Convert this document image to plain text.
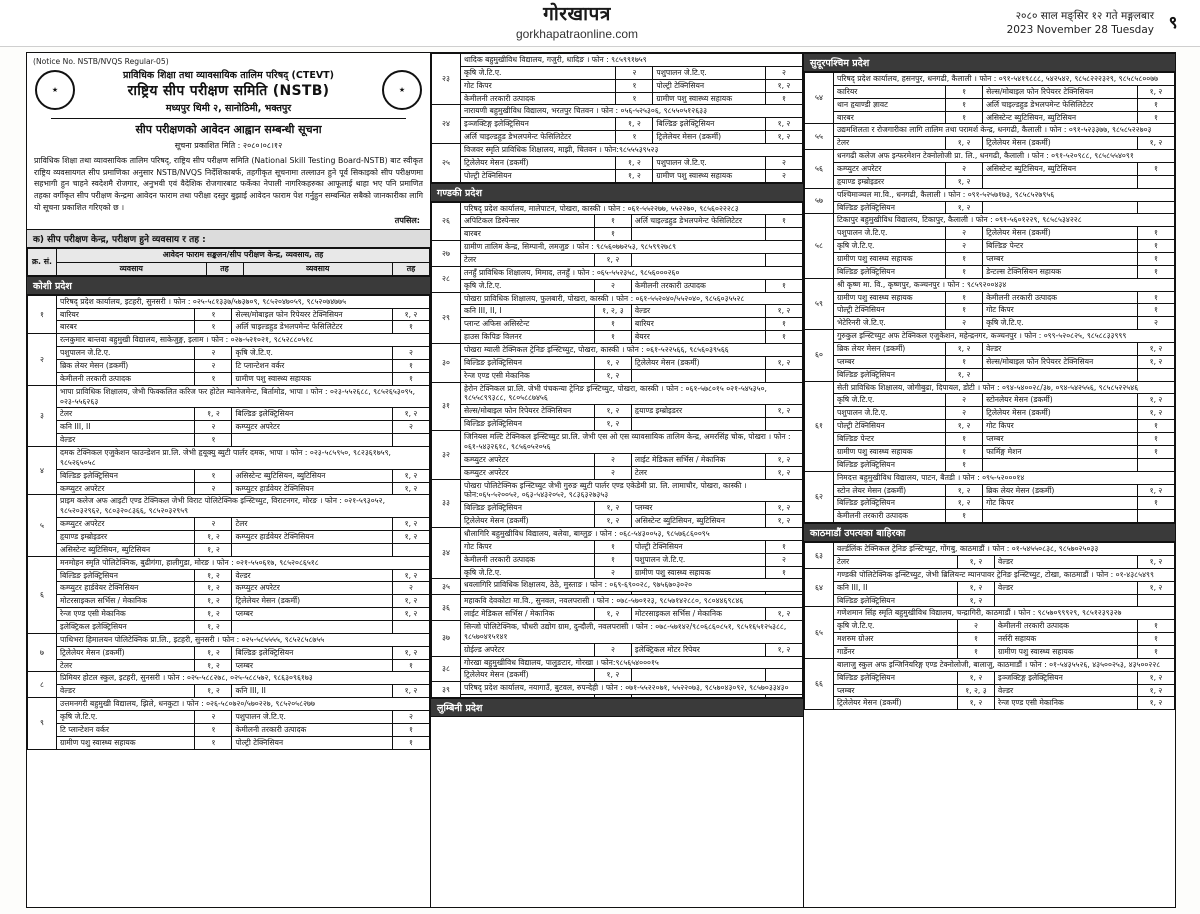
गोरखापत्र
gorkhapatraonline.com
२०८० साल मङ्सिर १२ गते मङ्गलबार
2023 November 28 Tuesday ९
(Notice No. NSTB/NVQS Regular-05)
★	★
प्राविधिक शिक्षा तथा व्यावसायिक तालिम परिषद् (CTEVT)
राष्ट्रिय सीप परीक्षण समिति (NSTB)
मध्यपुर थिमी २, सानोठिमी, भक्तपुर
सीप परीक्षणको आवेदन आह्वान सम्बन्धी सूचना
सूचना प्रकाशित मिति : २०८०।०८।१२
प्राविधिक शिक्षा तथा व्यावसायिक तालिम परिषद्, राष्ट्रिय सीप परीक्षण समिति (National Skill Testing Board-NSTB) बाट स्वीकृत राष्ट्रिय व्यवसायगत सीप प्रमाणिका अनुसार NSTB/NVQS निर्देशिकाबर्फ, तहगीकृत सूचनामा तल्लाउन हुने पूर्व सिकाइको सीप परीक्षणमा सहभागी हुन चाहने स्वदेशमै रोजगार, अनुभवी एवं वैदेशिक रोजगारबाट फर्केका नेपाली नागरिकहरुका आफूलाई थाहा भए पनि प्रमाणित तहका वर्गीकृत सीप परीक्षण केन्द्रमा आवेदन फाराम तथा परीक्षा दस्तुर बुझाई आवेदन फाराम पेश गर्नुहुन सम्बन्धित सबैको जानकारीका लागि यो सूचना प्रकाशित गरिएको छ ।
तपसिल:
क) सीप परीक्षण केन्द्र, परीक्षण हुने व्यवसाय र तह :
क्र. सं.	आवेदन फाराम सङ्कलन/सीप परीक्षण केन्द्र, व्यवसाय, तह			
	व्यवसाय	तह	व्यवसाय	तह
कोशी प्रदेश
१	परिषद् प्रदेश कार्यालय, इटहरी, सुनसरी । फोन : ०२५-५८१३३७/५७३७०९, ९८५२०४७०५९, ९८५२०७४७७५			
	बारियर	१	सेल्स/मोबाइल फोन रिपेयरर टेक्निसियन	१, २
	बारबर	१	अर्लि चाइल्डहुड डेभलपमेन्ट फेसिलिटेटर	१
२	रत्नकुमार बान्तवा बहुमुखी विद्यालय, साकेजुङ्ग, इलाम । फोन : ०२७-५२१०२१, ९८५२८८०५१८			
	पशुपालन जे.टि.ए.	२	कृषि जे.टि.ए.	२
	ब्रिक लेयर मेसन (डकर्मी)	२	टि प्लान्टेशन वर्कर	१
	केमीलनी तरकारी उत्पादक	१	ग्रामीण पशु स्वास्थ्य सहायक	१
३	भापा प्राविधिक शिक्षालय, जेभी फिक्कलित करिज फर होटेल म्यानेजमेन्ट, बिर्तामोड, भापा । फोन : ०२३-५५२६८८, ९८५२६५३०९५, ०२३-५५६२६३			
	टेलर	१, २	बिल्डिङ इलेक्ट्रिसियन	१, २
	कनि III, II	२	कम्प्युटर अपरेटर	२
	वेल्डर	१		
४	दमक टेक्निकल एजुकेशन फाउन्डेशन प्रा.लि. जेभी हृयूक्यु ब्युटी पार्लर दमक, भापा । फोन : ०२३-५८५९५०, ९८२३६१७५९, ९८५२६५०५८			
	बिल्डिङ इलेक्ट्रिसियन	१	असिस्टेन्ट ब्युटिसियन, ब्युटिसियन	१, २
	कम्प्युटर अपरेटर	२	कम्प्युटर हार्डवेयर टेक्निसियन	१, २
५	प्राइम कलेज अफ आइटी एण्ड टेक्निकल जेभी विराट पोलिटेक्निक इन्स्टिच्युट, विराटनगर, मोरङ । फोन : ०२१-५९३०५२, ९८५२०३२९६२, ९८०३२०८३६६, ९८५२०३२९५९			
	कम्प्युटर अपरेटर	२	टेलर	१, २
	हृयाण्ड इम्ब्रोइडरर	१, २	कम्प्युटर हार्डवेयर टेक्निसियन	१, २
	असिस्टेन्ट ब्युटिसियन, ब्युटिसियन	१, २		
६	मनमोहन स्मृति पोलिटेक्निक, बुढीगंगा, हालीगुडा, मोरङ । फोन : ०२१-५५०६१७, ९८५२०८६५१८			
	बिल्डिङ इलेक्ट्रिसियन	१, २	वेल्डर	१, २
	कम्प्युटर हार्डवेयर टेक्निसियन	१, २	कम्प्युटर अपरेटर	२
	मोटरसाइकल सर्भिस / मेकानिक	१, २	ट्रिलेलेयर मेसन (डकर्मी)	१, २
	रेन्ज एण्ड एसी मेकानिक	१, २	प्लम्बर	१, २
	इलेक्ट्रिकल इलेक्ट्रिसियन	१, २		
७	पाथिभरा हिमालयन पोलिटेक्निक प्रा.लि., इटहरी, सुनसरी । फोन : ०२५-५८५५५५, ९८५२८५८७५५			
	ट्रिलेलेयर मेसन (डकर्मी)	१, २	बिल्डिङ इलेक्ट्रिसियन	१, २
	टेलर	१, २	प्लम्बर	१
८	प्रिमियर होटल स्कुल, इटहरी, सुनसरी । फोन : ०२५-५८८२७८, ०२५-५८८५७२, ९८६३०९६१७३			
	वेल्डर	१, २	कनि III, II	१, २
९	उत्तमनगरी बहुमुखी विद्यालय, झिले, धनकुटा । फोन : ०२६-५८०७२०/५७०२२७, ९८५२०५८२७७			
	कृषि जे.टि.ए.	२	पशुपालन जे.टि.ए.	२
	टि प्लान्टेशन वर्कर	१	केमीलनी तरकारी उत्पादक	१
	ग्रामीण पशु स्वास्थ्य सहायक	१	पोल्ट्री टेक्निसियन	१
२३	थादिक बहुमुखीविध विद्यालय, गजुरी, धादिङ । फोन : ९८५९९१७५९			
	कृषि जे.टि.ए.	२	पशुपालन जे.टि.ए.	२
	गोट किपर	१	पोल्ट्री टेक्निसियन	१, २
	केमीलनी तरकारी उत्पादक	१	ग्रामीण पशु स्वास्थ्य सहायक	१
२४	नारायणी बहुमुखीविध विद्यालय, भरतपुर चितवन । फोन : ०५६-५२५३०६, ९८५५०५१२६३३			
	इञ्जक्टिङ्ग इलेक्ट्रिसियन	१, २	बिल्डिङ इलेक्ट्रिसियन	१, २
	अर्लि चाइल्डहुड डेभलपमेन्ट फेसिलिटेटर	१	ट्रिलेलेयर मेसन (डकर्मी)	१, २
२५	विजवर स्मृति प्राविधिक शिक्षालय, माझी, चितवन । फोन:९८५५५३९५२३			
	ट्रिलेलेयर मेसन (डकर्मी)	१, २	पशुपालन जे.टि.ए.	२
	पोल्ट्री टेक्निसियन	१, २	ग्रामीण पशु स्वास्थ्य सहायक	२
गण्डकी प्रदेश
२६	परिषद् प्रदेश कार्यालय, मालेपाटन, पोखरा, कास्की । फोन : ०६१-५५२२७७, ५५२२७०, ९८५६०२२२८३			
	अपिटिकल डिस्पेन्सर	१	अर्लि चाइल्डहुड डेभलपमेन्ट फेसिलिटेटर	१
	बारबर	१		
२७	ग्रामीण तालिम केन्द्र, सिम्पानी, लमजुङ । फोन : ९८५६०७७२५३, ९८५९९२७८९			
	टेलर	१, २		
२८	तनहुँ प्राविधिक शिक्षालय, मिमाद, तनहुँ । फोन : ०६५-५५२३५८, ९८५६०००२६०			
	कृषि जे.टि.ए.	२	केमीलनी तरकारी उत्पादक	१
२९	पोखरा प्राविधिक शिक्षालय, फुलबारी, पोखरा, कास्की । फोन : ०६१-५५२०४०/५५२०४०, ९८५६०३५५२८			
	कनि III, II, I	१, २, ३	वेल्डर	१, २
	प्लान्ट अफिस असिस्टेन्ट	१	बारियर	१
	हाउस किपिङ विलनर	१	बेयरर	१
३०	पोखरा म्याली टेक्निकल ट्रेनिङ इन्स्टिच्युट, पोखरा, कास्की । फोन : ०६१-५२२५६६, ९८५६०३९५६६			
	बिल्डिङ इलेक्ट्रिसियन	१, २	ट्रिलेलेयर मेसन (डकर्मी)	१, २
	रेन्ज एण्ड एसी मेकानिक	१, २		
३१	हेरोन टेक्निकल प्रा.लि. जेभी पंचकन्या ट्रेनिङ इन्स्टिच्युट, पोखरा, कास्की । फोन : ०६१-५७८०१५ ०२१-५४५३५०, ९८५५८९९३८८, ९८०५८८७४५६			
	सेल्स/मोबाइल फोन रिपेयरर टेक्निसियन	१, २	हृयाण्ड इम्ब्रोइडरर	१, २
	बिल्डिङ इलेक्ट्रिसियन	१, २		
३२	जिनियस मल्टि टेक्निकल इन्स्टिच्युट प्रा.लि. जेभी एस ओ एस व्यावसायिक तालिम केन्द्र, अमरसिंह चोक, पोखरा । फोन : ०६१-५४३२६१८, ९८५६०५२०५६			
	कम्प्युटर अपरेटर	२	लाईट मेडिकल सर्भिस / मेकानिक	१, २
	कम्प्युटर अपरेटर	२	टेलर	१, २
३३	पोखरा पोलिटेक्निक इन्स्टिच्युट जेभी गुरुङ ब्युटी पार्लर एण्ड एकेडेमी प्रा. लि. लामाचौर, पोखरा, कास्की । फोन:०६५-५२००५२, ०६३-५४३२०५२, ९८३६३२७३५३			
	बिल्डिङ इलेक्ट्रिसियन	१, २	प्लम्बर	१, २
	ट्रिलेलेयर मेसन (डकर्मी)	१, २	असिस्टेन्ट ब्युटिसियन, ब्युटिसियन	१, २
३४	धौलागिरि बहुमुखीविध विद्यालय, बलेवा, बाग्लुङ । फोन : ०६८-५४३००५३, ९८५७६८६००९५			
	गोट किपर	१	पोल्ट्री टेक्निसियन	१
	केमीलनी तरकारी उत्पादक	१	पशुपालन जे.टि.ए.	२
	कृषि जे.टि.ए.	२	ग्रामीण पशु स्वास्थ्य सहायक	१
३५	धवलागिरि प्राविधिक शिक्षालय, ठेठे, मुस्ताङ । फोन : ०६९-६९००२८, ९७५६७०३०२०			

३६	महाकवि देवकोटा मा.वि., सुनवल, नवलपरासी । फोन : ०७८-५७०१२३, ९८५७१४२८८०, ९८०४४६९८४६			
	लाईट मेडिकल सर्भिस / मेकानिक	१, २	मोटरसाइकल सर्भिस / मेकानिक	१, २
३७	सिन्जो पोलिटेक्निक, चौधरी उद्योग ग्राम, दुन्दौली, नवलपरासी । फोन : ०७८-५७१४२/९८०६८६०८५१, ९८५१६५१२५३८८, ९८५७०४१५१४१			
	ग्रोईल्ड अपरेटर	२	इलेक्ट्रिकल मोटर रिपेयर	१, २
३८	गोरखा बहुमुखीविध विद्यालय, पालुङटार, गोरखा । फोन:९८५६५४०००१५			
	ट्रिलेलेयर मेसन (डकर्मी)	१, २		
३९	परिषद् प्रदेश कार्यालय, नयागाउँ, बुटवल, रुपन्देही । फोन : ०७१-५५२२०७१, ५५२२०७३, ९८५७०४३०९२, ९८५७०३३४३०			

लुम्बिनी प्रदेश
सुदूरपश्चिम प्रदेश
५४	परिषद् प्रदेश कार्यालय, हसनपुर, धनगढी, कैलाली । फोन : ०९१-५४१९८८८, ५४२५४२, ९८५८२२२३२९, ९८५८५८००७७			
	कारियर	१	सेल्स/मोबाइल फोन रिपेयरर टेक्निसियन	१, २
	थान हृयाण्डी ज्ञावट	१	अर्लि चाइल्डहुड डेभलपमेन्ट फेसिलिटेटर	१
	बारबर	१	असिस्टेन्ट ब्युटिसियन, ब्युटिसियन	१
५५	उद्यमशिलता र रोजगारीका लागि तालिम तथा परामर्श केन्द्र, धनगढी, कैलाली । फोन : ०९१-५२३३७७, ९८५८५२२७०३			
	टेलर	१, २	ट्रिलेलेयर मेसन (डकर्मी)	१, २
५६	धनगढी कलेज अफ इन्फरमेशन टेक्नोलोजी प्रा. लि., धनगढी, कैलाली । फोन : ०९१-५२०९८८, ९८५८५५४०९१			
	कम्प्युटर अपरेटर	२	असिस्टेन्ट ब्युटिसियन, ब्युटिसियन	१
	हृयाण्ड इम्ब्रोइडरर	१, २		
५७	पश्चिमाञ्चल मा.वि., धनगढी, कैलाली । फोन : ०९१-५२५७१७३, ९८५८५२७९५६			
	बिल्डिङ इलेक्ट्रिसियन	१, २		
५८	टिकापुर बहुमुखीविध विद्यालय, टिकापुर, कैलाली । फोन : ०९१-५६०१२२९, ९८५८५३४२२८			
	पशुपालन जे.टि.ए.	२	ट्रिलेलेयर मेसन (डकर्मी)	१
	कृषि जे.टि.ए.	२	बिल्डिङ पेन्टर	१
	ग्रामीण पशु स्वास्थ्य सहायक	१	प्लम्बर	१
	बिल्डिङ इलेक्ट्रिसियन	१	डेन्टल्स टेक्निसियन सहायक	१
५९	श्री कृष्ण मा. वि., कृष्णपुर, कञ्चनपुर । फोन : ९८५९२००४३४			
	ग्रामीण पशु स्वास्थ्य सहायक	१	केमीलनी तरकारी उत्पादक	१
	पोल्ट्री टेक्निसियन	१	गोट किपर	१
	भेटेरिनरी जे.टि.ए.	२	कृषि जे.टि.ए.	२
६०	गुरुकुल इन्स्टिच्युट अफ टेक्निकल एजुकेशन, महेन्द्रनगर, कञ्चनपुर । फोन : ०९९-५२०८२५, ९८५८८३३९९९			
	ब्रिक लेयर मेसन (डकर्मी)	१, २	वेल्डर	१, २
	प्लम्बर	१	सेल्स/मोबाइल फोन रिपेयरर टेक्निसियन	१, २
	बिल्डिङ इलेक्ट्रिसियन	१, २		
६१	सेती प्राविधिक शिक्षालय, जोगीबुढा, दिपायल, डोटी । फोन : ०९४-५४००२८/३७, ०९४-५४२५५६, ९८५८५२२५४६			
	कृषि जे.टि.ए.	२	स्टोनलेयर मेसन (डकर्मी)	१, २
	पशुपालन जे.टि.ए.	२	ट्रिलेलेयर मेसन (डकर्मी)	१, २
	पोल्ट्री टेक्निसियन	१, २	गोट किपर	१
	बिल्डिङ पेन्टर	१	प्लम्बर	१
	ग्रामीण पशु स्वास्थ्य सहायक	१	फार्मिङ्ग मेशन	१
	बिल्डिङ इलेक्ट्रिसियन	१		
६२	निमदत्त बहुमुखीविध विद्यालय, पाटन, बैतडी । फोन : ०९५-५२०००१४			
	स्टोन लेयर मेसन (डकर्मी)	१, २	ब्रिक लेयर मेसन (डकर्मी)	१, २
	बिल्डिङ इलेक्ट्रिसियन	१, २	गोट किपर	१
	केमीलनी तरकारी उत्पादक	१		
काठमाडौं उपत्यका बाहिरका
६३	वर्ल्डलिंक टेक्निकल ट्रेनिङ इन्स्टिच्युट, गोंगबु, काठमाडौं । फोन : ०१-५४५५०८३८, ९८५७०२५०३३			
	टेलर	१, २	वेल्डर	१, २
६४	गण्डकी पोलिटेक्निक इन्स्टिच्युट, जेभी ब्रिलियन्ट म्यानपावर ट्रेनिङ इन्स्टिच्युट, टोखा, काठमाडौं । फोन : ०१-४३८५४९९			
	कनि III, II	१, २	वेल्डर	१, २
	बिल्डिङ इलेक्ट्रिसियन	१, २		
६५	गणेशमान सिंह स्मृति बहुमुखीविध विद्यालय, चन्द्रागिरी, काठमाडौं । फोन : ९८५७०९९९२९, ९८५१२३९३२७			
	कृषि जे.टि.ए.	२	केमीलनी तरकारी उत्पादक	१
	मशरुम ग्रोअर	१	नर्सरी सहायक	१
	गार्डेनर	१	ग्रामीण पशु स्वास्थ्य सहायक	१
६६	बालाजु स्कुल अफ इन्जिनियरिङ्ग एण्ड टेक्नोलोजी, बालाजु, काठमाडौं । फोन : ०१-५४३५५२६, ४३५००२५३, ४३५००२२८			
	बिल्डिङ इलेक्ट्रिसियन	१, २	इञ्जक्टिङ्ग इलेक्ट्रिसियन	१, २
	प्लम्बर	१, २, ३	वेल्डर	१, २
	ट्रिलेलेयर मेसन (डकर्मी)	१, २	रेन्ज एण्ड एसी मेकानिक	१, २
